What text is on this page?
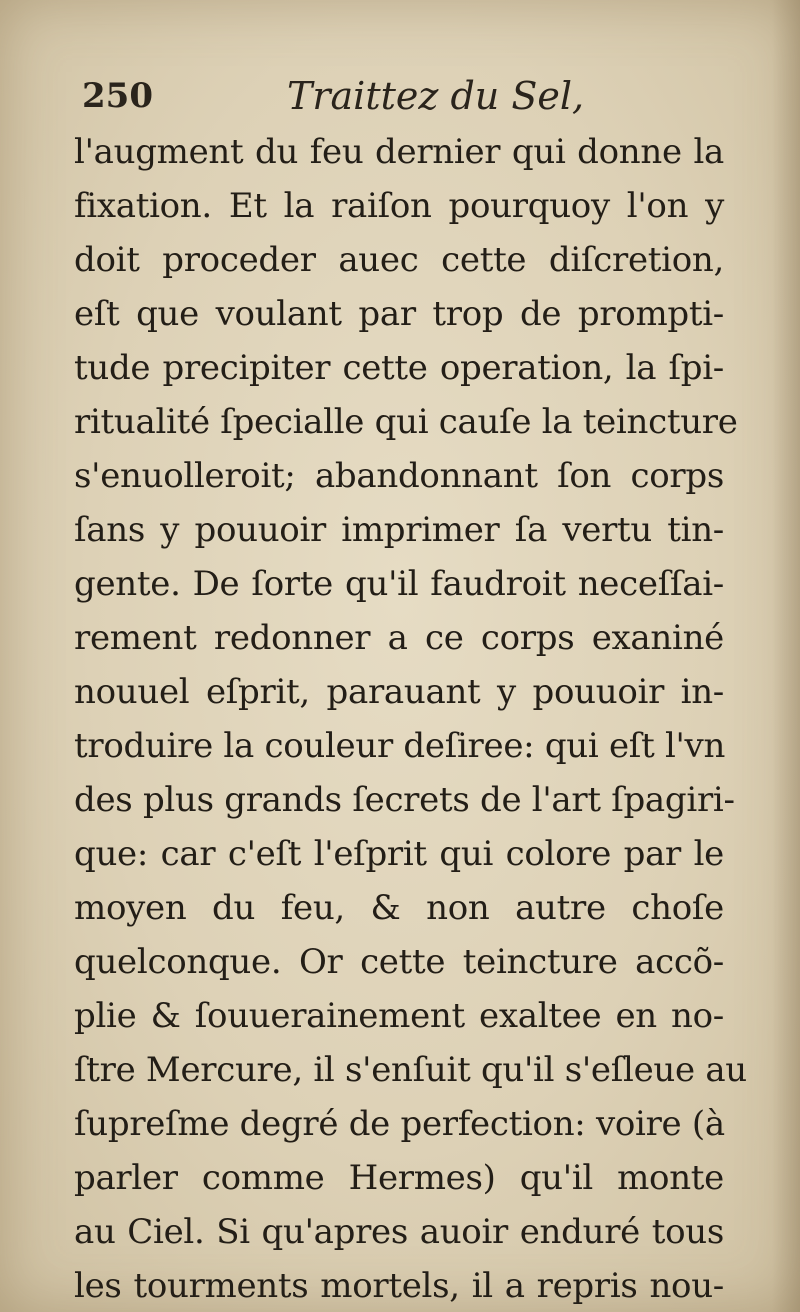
250	Traittez du Sel,
l'augment du feu dernier qui donne la
fixation. Et la raiſon pourquoy l'on y
doit proceder auec cette diſcretion,
eſt que voulant par trop de prompti-
tude precipiter cette operation, la ſpi-
ritualité ſpecialle qui cauſe la teincture
s'enuolleroit; abandonnant ſon corps
ſans y pouuoir imprimer ſa vertu tin-
gente. De ſorte qu'il faudroit neceſſai-
rement redonner a ce corps exaniné
nouuel eſprit, parauant y pouuoir in-
troduire la couleur deſiree: qui eſt l'vn
des plus grands ſecrets de l'art ſpagiri-
que: car c'eſt l'eſprit qui colore par le
moyen du feu, & non autre choſe
quelconque. Or cette teincture accõ-
plie & ſouuerainement exaltee en no-
ſtre Mercure, il s'enſuit qu'il s'eſleue au
ſupreſme degré de perfection: voire (à
parler comme Hermes) qu'il monte
au Ciel. Si qu'apres auoir enduré tous
les tourments mortels, il a repris nou-
